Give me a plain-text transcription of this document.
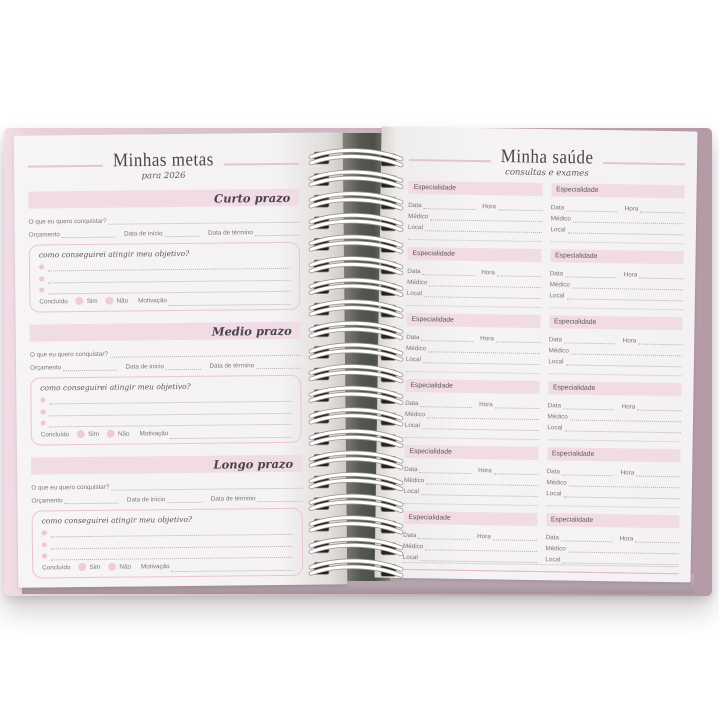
Minhas metas
para 2026
Curto prazo
O que eu quero conquistar?
Orçamento	Data de início	Data de término
como conseguirei atingir meu objetivo?
Concluído	Sim	Não Motivação
Medio prazo
O que eu quero conquistar?
Orçamento	Data de início	Data de término
como conseguirei atingir meu objetivo?
Concluído	Sim	Não Motivação
Longo prazo
O que eu quero conquistar?
Orçamento	Data de início	Data de término
como conseguirei atingir meu objetivo?
Concluído	Sim	Não Motivação
Minha saúde
consultas e exames
Especialidade
Data	Hora
Médico
Local
Especialidade
Data	Hora
Médico
Local
Especialidade
Data	Hora
Médico
Local
Especialidade
Data	Hora
Médico
Local
Especialidade
Data	Hora
Médico
Local
Especialidade
Data	Hora
Médico
Local
Especialidade
Data	Hora
Médico
Local
Especialidade
Data	Hora
Médico
Local
Especialidade
Data	Hora
Médico
Local
Especialidade
Data	Hora
Médico
Local
Especialidade
Data	Hora
Médico
Local
Especialidade
Data	Hora
Médico
Local
